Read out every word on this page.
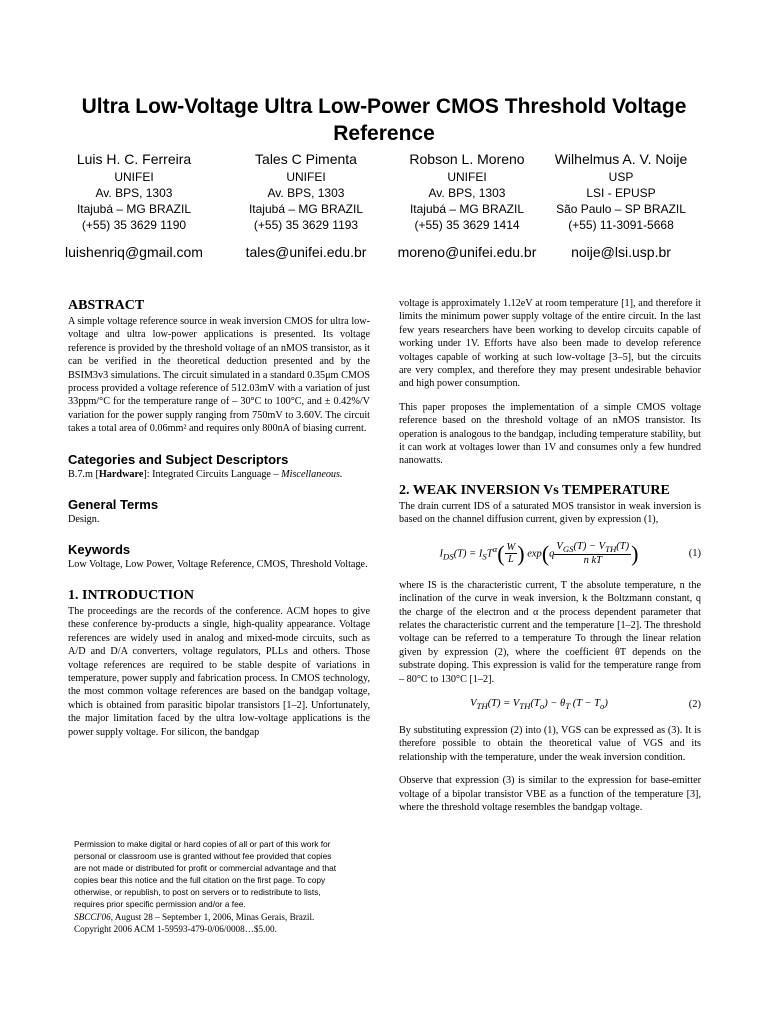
Ultra Low-Voltage Ultra Low-Power CMOS Threshold Voltage Reference
Luis H. C. Ferreira
UNIFEI
Av. BPS, 1303
Itajubá – MG BRAZIL
(+55) 35 3629 1190
luishenriq@gmail.com
Tales C Pimenta
UNIFEI
Av. BPS, 1303
Itajubá – MG BRAZIL
(+55) 35 3629 1193
tales@unifei.edu.br
Robson L. Moreno
UNIFEI
Av. BPS, 1303
Itajubá – MG BRAZIL
(+55) 35 3629 1414
moreno@unifei.edu.br
Wilhelmus A. V. Noije
USP
LSI - EPUSP
São Paulo – SP BRAZIL
(+55) 11-3091-5668
noije@lsi.usp.br
ABSTRACT

A simple voltage reference source in weak inversion CMOS for ultra low-voltage and ultra low-power applications is presented. Its voltage reference is provided by the threshold voltage of an nMOS transistor, as it can be verified in the theoretical deduction presented and by the BSIM3v3 simulations. The circuit simulated in a standard 0.35μm CMOS process provided a voltage reference of 512.03mV with a variation of just 33ppm/°C for the temperature range of – 30°C to 100°C, and ± 0.42%/V variation for the power supply ranging from 750mV to 3.60V. The circuit takes a total area of 0.06mm² and requires only 800nA of biasing current.

Categories and Subject Descriptors

B.7.m [Hardware]: Integrated Circuits Language – Miscellaneous.

General Terms

Design.

Keywords

Low Voltage, Low Power, Voltage Reference, CMOS, Threshold Voltage.

1. INTRODUCTION

The proceedings are the records of the conference. ACM hopes to give these conference by-products a single, high-quality appearance. Voltage references are widely used in analog and mixed-mode circuits, such as A/D and D/A converters, voltage regulators, PLLs and others. Those voltage references are required to be stable despite of variations in temperature, power supply and fabrication process. In CMOS technology, the most common voltage references are based on the bandgap voltage, which is obtained from parasitic bipolar transistors [1–2]. Unfortunately, the major limitation faced by the ultra low-voltage applications is the power supply voltage. For silicon, the bandgap

voltage is approximately 1.12eV at room temperature [1], and therefore it limits the minimum power supply voltage of the entire circuit. In the last few years researchers have been working to develop circuits capable of working under 1V. Efforts have also been made to develop reference voltages capable of working at such low-voltage [3–5], but the circuits are very complex, and therefore they may present undesirable behavior and high power consumption.

This paper proposes the implementation of a simple CMOS voltage reference based on the threshold voltage of an nMOS transistor. Its operation is analogous to the bandgap, including temperature stability, but it can work at voltages lower than 1V and consumes only a few hundred nanowatts.

2. WEAK INVERSION Vs TEMPERATURE

The drain current IDS of a saturated MOS transistor in weak inversion is based on the channel diffusion current, given by expression (1),

$I_{DS}(T) = I_ST^\alpha( \frac{W}{L}$ ) $\exp(q \frac{V_{GS}(T) - V_{TH}(T)}{\text{n kT}}$ )	(1)

where IS is the characteristic current, T the absolute temperature, n the inclination of the curve in weak inversion, k the Boltzmann constant, q the charge of the electron and α the process dependent parameter that relates the characteristic current and the temperature [1–2]. The threshold voltage can be referred to a temperature To through the linear relation given by expression (2), where the coefficient θT depends on the substrate doping. This expression is valid for the temperature range from – 80°C to 130°C [1–2].

$V_{TH}(T) = V_{TH}(T_o) - \theta_T$ $(T - T_o)$	(2)

By substituting expression (2) into (1), VGS can be expressed as (3). It is therefore possible to obtain the theoretical value of VGS and its relationship with the temperature, under the weak inversion condition.

Observe that expression (3) is similar to the expression for base-emitter voltage of a bipolar transistor VBE as a function of the temperature [3], where the threshold voltage resembles the bandgap voltage.

Permission to make digital or hard copies of all or part of this work for personal or classroom use is granted without fee provided that copies are not made or distributed for profit or commercial advantage and that copies bear this notice and the full citation on the first page. To copy otherwise, or republish, to post on servers or to redistribute to lists, requires prior specific permission and/or a fee.
SBCCI'06, August 28 – September 1, 2006, Minas Gerais, Brazil.
Copyright 2006 ACM 1-59593-479-0/06/0008…$5.00.
